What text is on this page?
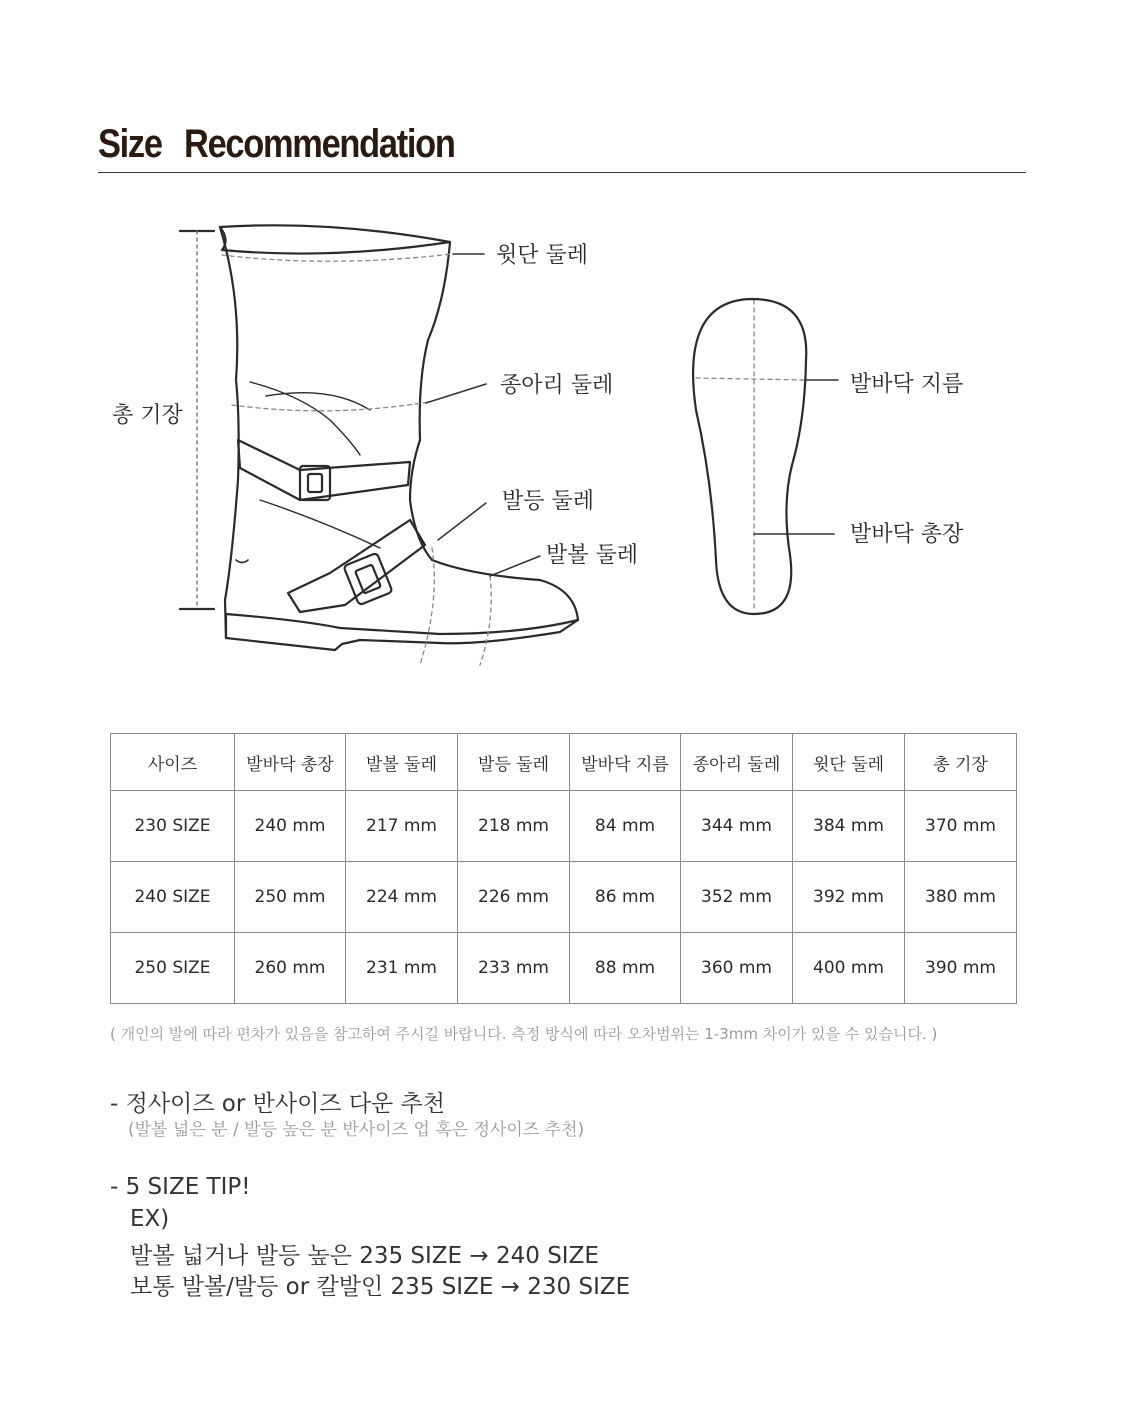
Size Recommendation
윗단 둘레
종아리 둘레
발등 둘레
발볼 둘레
총 기장
발바닥 지름
발바닥 총장
사이즈	발바닥 총장	발볼 둘레	발등 둘레	발바닥 지름	종아리 둘레	윗단 둘레	총 기장
230 SIZE	240 mm	217 mm	218 mm	84 mm	344 mm	384 mm	370 mm
240 SIZE	250 mm	224 mm	226 mm	86 mm	352 mm	392 mm	380 mm
250 SIZE	260 mm	231 mm	233 mm	88 mm	360 mm	400 mm	390 mm
( 개인의 발에 따라 편차가 있음을 참고하여 주시길 바랍니다. 측정 방식에 따라 오차범위는 1-3mm 차이가 있을 수 있습니다. )
- 정사이즈 or 반사이즈 다운 추천
(발볼 넓은 분 / 발등 높은 분 반사이즈 업 혹은 정사이즈 추천)
- 5 SIZE TIP!
EX)
발볼 넓거나 발등 높은 235 SIZE → 240 SIZE
보통 발볼/발등 or 칼발인 235 SIZE → 230 SIZE
